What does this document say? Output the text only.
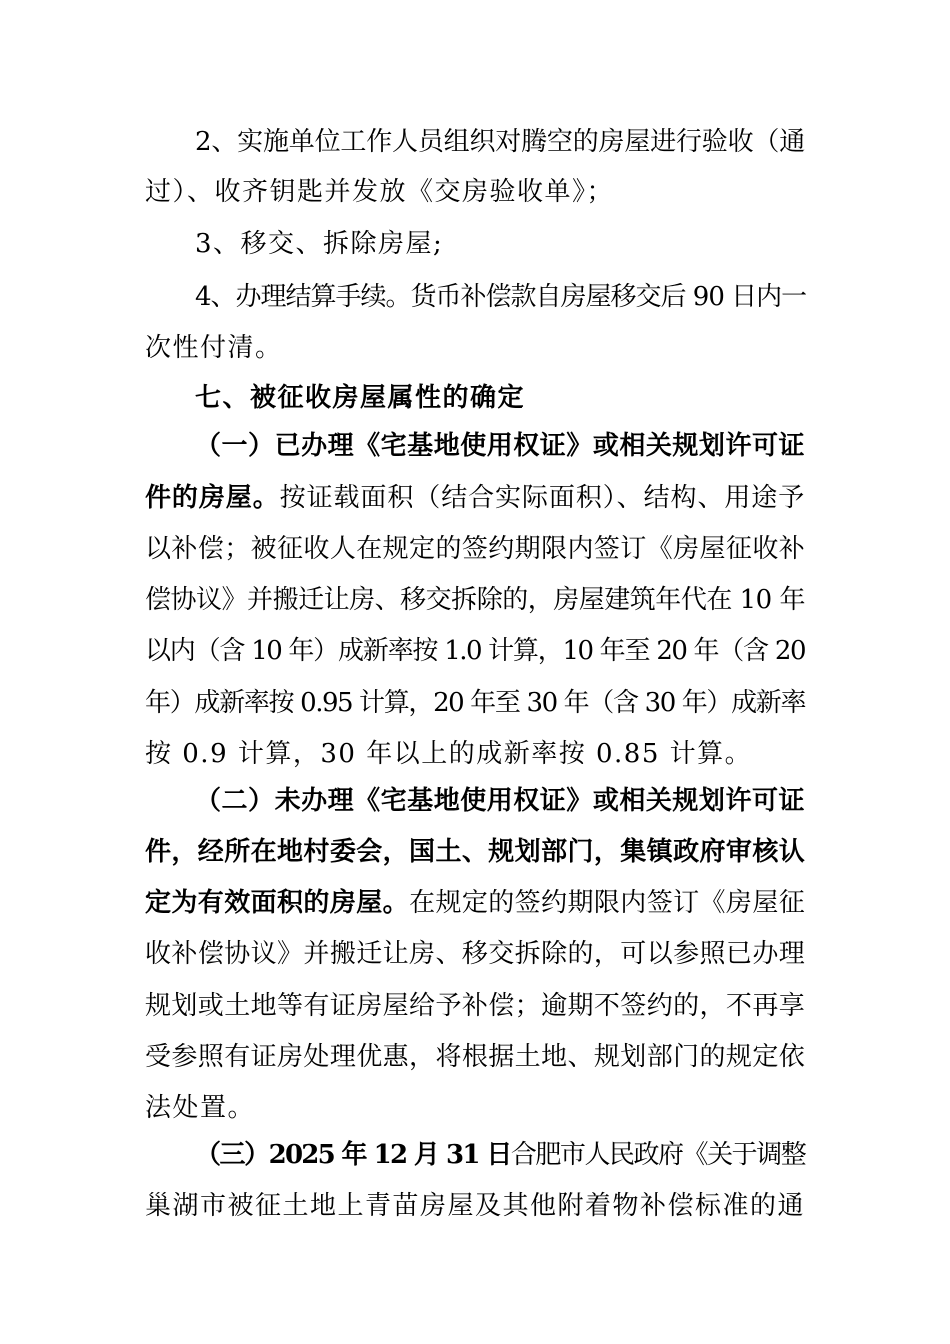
2、实施单位工作人员组织对腾空的房屋进行验收（通
过）、收齐钥匙并发放《交房验收单》；
3、移交、拆除房屋;
4、办理结算手续。货币补偿款自房屋移交后 90 日内一
次性付清。
七、被征收房屋属性的确定
（一）已办理《宅基地使用权证》或相关规划许可证
件的房屋。按证载面积（结合实际面积）、结构、用途予
以补偿；被征收人在规定的签约期限内签订《房屋征收补
偿协议》并搬迁让房、移交拆除的，房屋建筑年代在 10 年
以内（含 10 年）成新率按 1.0 计算，10 年至 20 年（含 20
年）成新率按 0.95 计算，20 年至 30 年（含 30 年）成新率
按 0.9 计算，30 年以上的成新率按 0.85 计算。
（二）未办理《宅基地使用权证》或相关规划许可证
件，经所在地村委会，国土、规划部门，集镇政府审核认
定为有效面积的房屋。在规定的签约期限内签订《房屋征
收补偿协议》并搬迁让房、移交拆除的，可以参照已办理
规划或土地等有证房屋给予补偿；逾期不签约的，不再享
受参照有证房处理优惠，将根据土地、规划部门的规定依
法处置。
（三）2025 年 12 月 31 日合肥市人民政府《关于调整
巢湖市被征土地上青苗房屋及其他附着物补偿标准的通
